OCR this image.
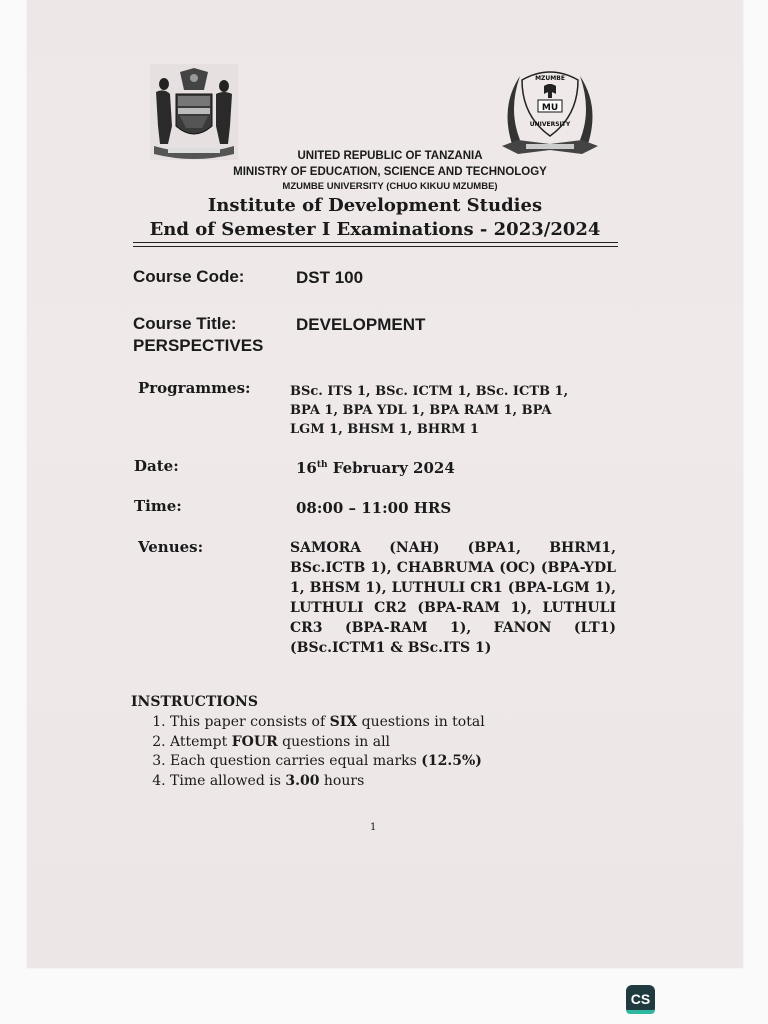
MZUMBE
MU
UNIVERSITY
UNITED REPUBLIC OF TANZANIA
MINISTRY OF EDUCATION, SCIENCE AND TECHNOLOGY
MZUMBE UNIVERSITY (CHUO KIKUU MZUMBE)
Institute of Development Studies
End of Semester I Examinations - 2023/2024
Course Code:	DST 100
Course Title:	DEVELOPMENT
PERSPECTIVES
Programmes:	BSc. ITS 1, BSc. ICTM 1, BSc. ICTB 1,
BPA 1, BPA YDL 1, BPA RAM 1, BPA
LGM 1, BHSM 1, BHRM 1
Date:	16th February 2024
Time:	08:00 – 11:00 HRS
Venues:	SAMORA (NAH) (BPA1, BHRM1, BSc.ICTB 1), CHABRUMA (OC) (BPA-YDL 1, BHSM 1), LUTHULI CR1 (BPA-LGM 1), LUTHULI CR2 (BPA-RAM 1), LUTHULI CR3 (BPA-RAM 1), FANON (LT1) (BSc.ICTM1 & BSc.ITS 1)
INSTRUCTIONS
1. This paper consists of SIX questions in total
2. Attempt FOUR questions in all
3. Each question carries equal marks (12.5%)
4. Time allowed is 3.00 hours
1
CS
